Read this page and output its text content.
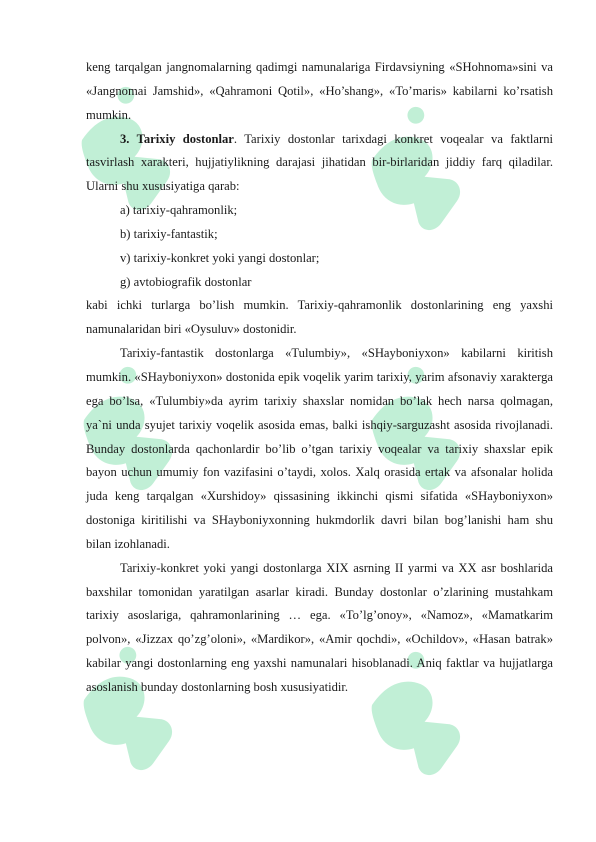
keng tarqalgan jangnomalarning qadimgi namunalariga Firdavsiyning «SHohnoma»sini va «Jangnomai Jamshid», «Qahramoni Qotil», «Ho’shang», «To’maris» kabilarni ko’rsatish mumkin.

3. Tarixiy dostonlar. Tarixiy dostonlar tarixdagi konkret voqealar va faktlarni tasvirlash xarakteri, hujjatiylikning darajasi jihatidan bir-birlaridan jiddiy farq qiladilar. Ularni shu xususiyatiga qarab:

a) tarixiy-qahramonlik;

b) tarixiy-fantastik;

v) tarixiy-konkret yoki yangi dostonlar;

g) avtobiografik dostonlar

kabi ichki turlarga bo’lish mumkin. Tarixiy-qahramonlik dostonlarining eng yaxshi namunalaridan biri «Oysuluv» dostonidir.

Tarixiy-fantastik dostonlarga «Tulumbiy», «SHayboniyxon» kabilarni kiritish mumkin. «SHayboniyxon» dostonida epik voqelik yarim tarixiy, yarim afsonaviy xarakterga ega bo’lsa, «Tulumbiy»da ayrim tarixiy shaxslar nomidan bo’lak hech narsa qolmagan, ya`ni unda syujet tarixiy voqelik asosida emas, balki ishqiy-sarguzasht asosida rivojlanadi. Bunday dostonlarda qachonlardir bo’lib o’tgan tarixiy voqealar va tarixiy shaxslar epik bayon uchun umumiy fon vazifasini o’taydi, xolos. Xalq orasida ertak va afsonalar holida juda keng tarqalgan «Xurshidoy» qissasining ikkinchi qismi sifatida «SHayboniyxon» dostoniga kiritilishi va SHayboniyxonning hukmdorlik davri bilan bog’lanishi ham shu bilan izohlanadi.

Tarixiy-konkret yoki yangi dostonlarga XIX asrning II yarmi va XX asr boshlarida baxshilar tomonidan yaratilgan asarlar kiradi. Bunday dostonlar o’zlarining mustahkam tarixiy asoslariga, qahramonlarining … ega. «To’lg’onoy», «Namoz», «Mamatkarim polvon», «Jizzax qo’zg’oloni», «Mardikor», «Amir qochdi», «Ochildov», «Hasan batrak» kabilar yangi dostonlarning eng yaxshi namunalari hisoblanadi. Aniq faktlar va hujjatlarga asoslanish bunday dostonlarning bosh xususiyatidir.
